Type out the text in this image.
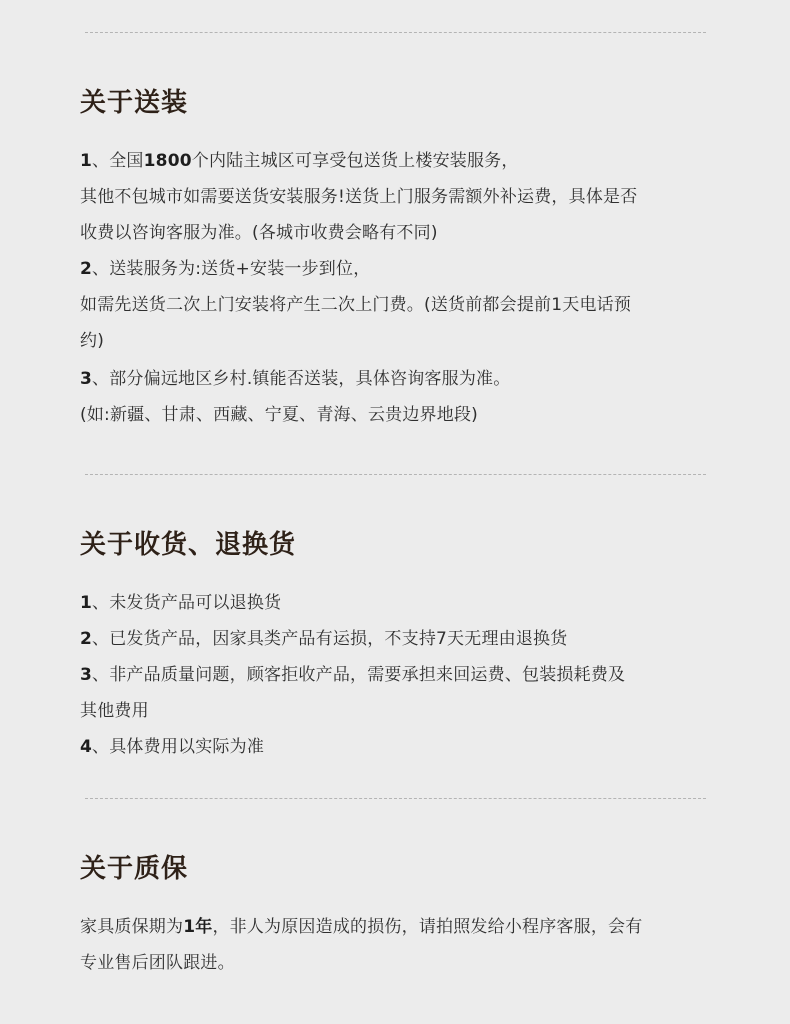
关于送装
1、全国1800个内陆主城区可享受包送货上楼安装服务，
其他不包城市如需要送货安装服务!送货上门服务需额外补运费，具体是否
收费以咨询客服为准。(各城市收费会略有不同)
2、送装服务为:送货+安装一步到位，
如需先送货二次上门安装将产生二次上门费。(送货前都会提前1天电话预
约)
3、部分偏远地区乡村.镇能否送装，具体咨询客服为准。
(如:新疆、甘肃、西藏、宁夏、青海、云贵边界地段)
关于收货、退换货
1、未发货产品可以退换货
2、已发货产品，因家具类产品有运损，不支持7天无理由退换货
3、非产品质量问题，顾客拒收产品，需要承担来回运费、包装损耗费及
其他费用
4、具体费用以实际为准
关于质保
家具质保期为1年，非人为原因造成的损伤，请拍照发给小程序客服，会有
专业售后团队跟进。
